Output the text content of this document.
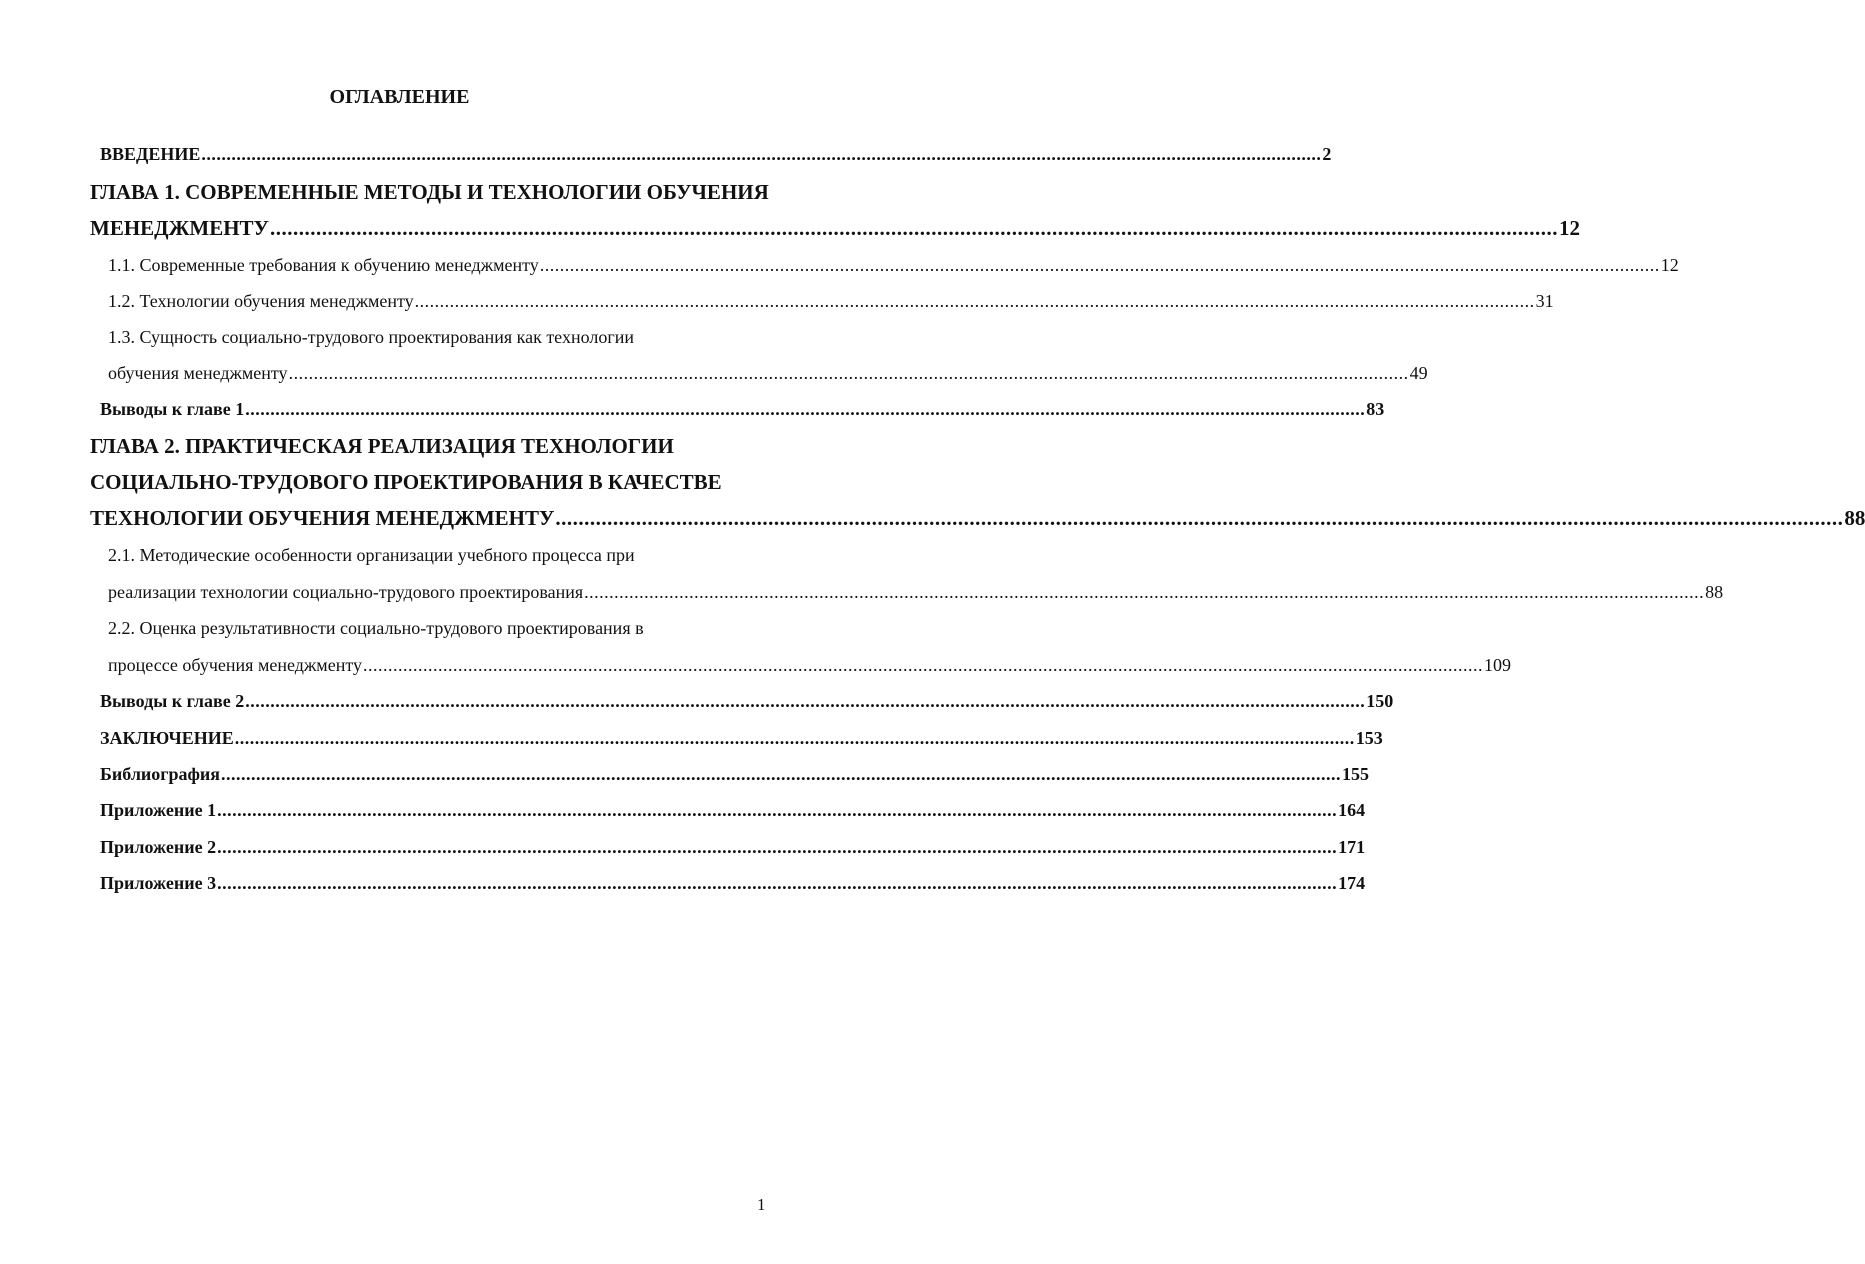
ОГЛАВЛЕНИЕ
ВВЕДЕНИЕ ................................................................................................................................................................................................................................ 2
ГЛАВА 1. СОВРЕМЕННЫЕ МЕТОДЫ И ТЕХНОЛОГИИ ОБУЧЕНИЯ
МЕНЕДЖМЕНТУ ................................................................................................................................................................................................................................ 12
1.1. Современные требования к обучению менеджменту ................................................................................................................................................................................................................................ 12
1.2. Технологии обучения менеджменту ................................................................................................................................................................................................................................ 31
1.3. Сущность социально-трудового проектирования как технологии
обучения менеджменту ................................................................................................................................................................................................................................ 49
Выводы к главе 1 ................................................................................................................................................................................................................................ 83
ГЛАВА 2. ПРАКТИЧЕСКАЯ РЕАЛИЗАЦИЯ ТЕХНОЛОГИИ
СОЦИАЛЬНО-ТРУДОВОГО ПРОЕКТИРОВАНИЯ В КАЧЕСТВЕ
ТЕХНОЛОГИИ ОБУЧЕНИЯ МЕНЕДЖМЕНТУ ................................................................................................................................................................................................................................ 88
2.1. Методические особенности организации учебного процесса при
реализации технологии социально-трудового проектирования ................................................................................................................................................................................................................................ 88
2.2. Оценка результативности социально-трудового проектирования в
процессе обучения менеджменту ................................................................................................................................................................................................................................ 109
Выводы к главе 2 ................................................................................................................................................................................................................................ 150
ЗАКЛЮЧЕНИЕ ................................................................................................................................................................................................................................ 153
Библиография ................................................................................................................................................................................................................................ 155
Приложение 1 ................................................................................................................................................................................................................................ 164
Приложение 2 ................................................................................................................................................................................................................................ 171
Приложение 3 ................................................................................................................................................................................................................................ 174
1
